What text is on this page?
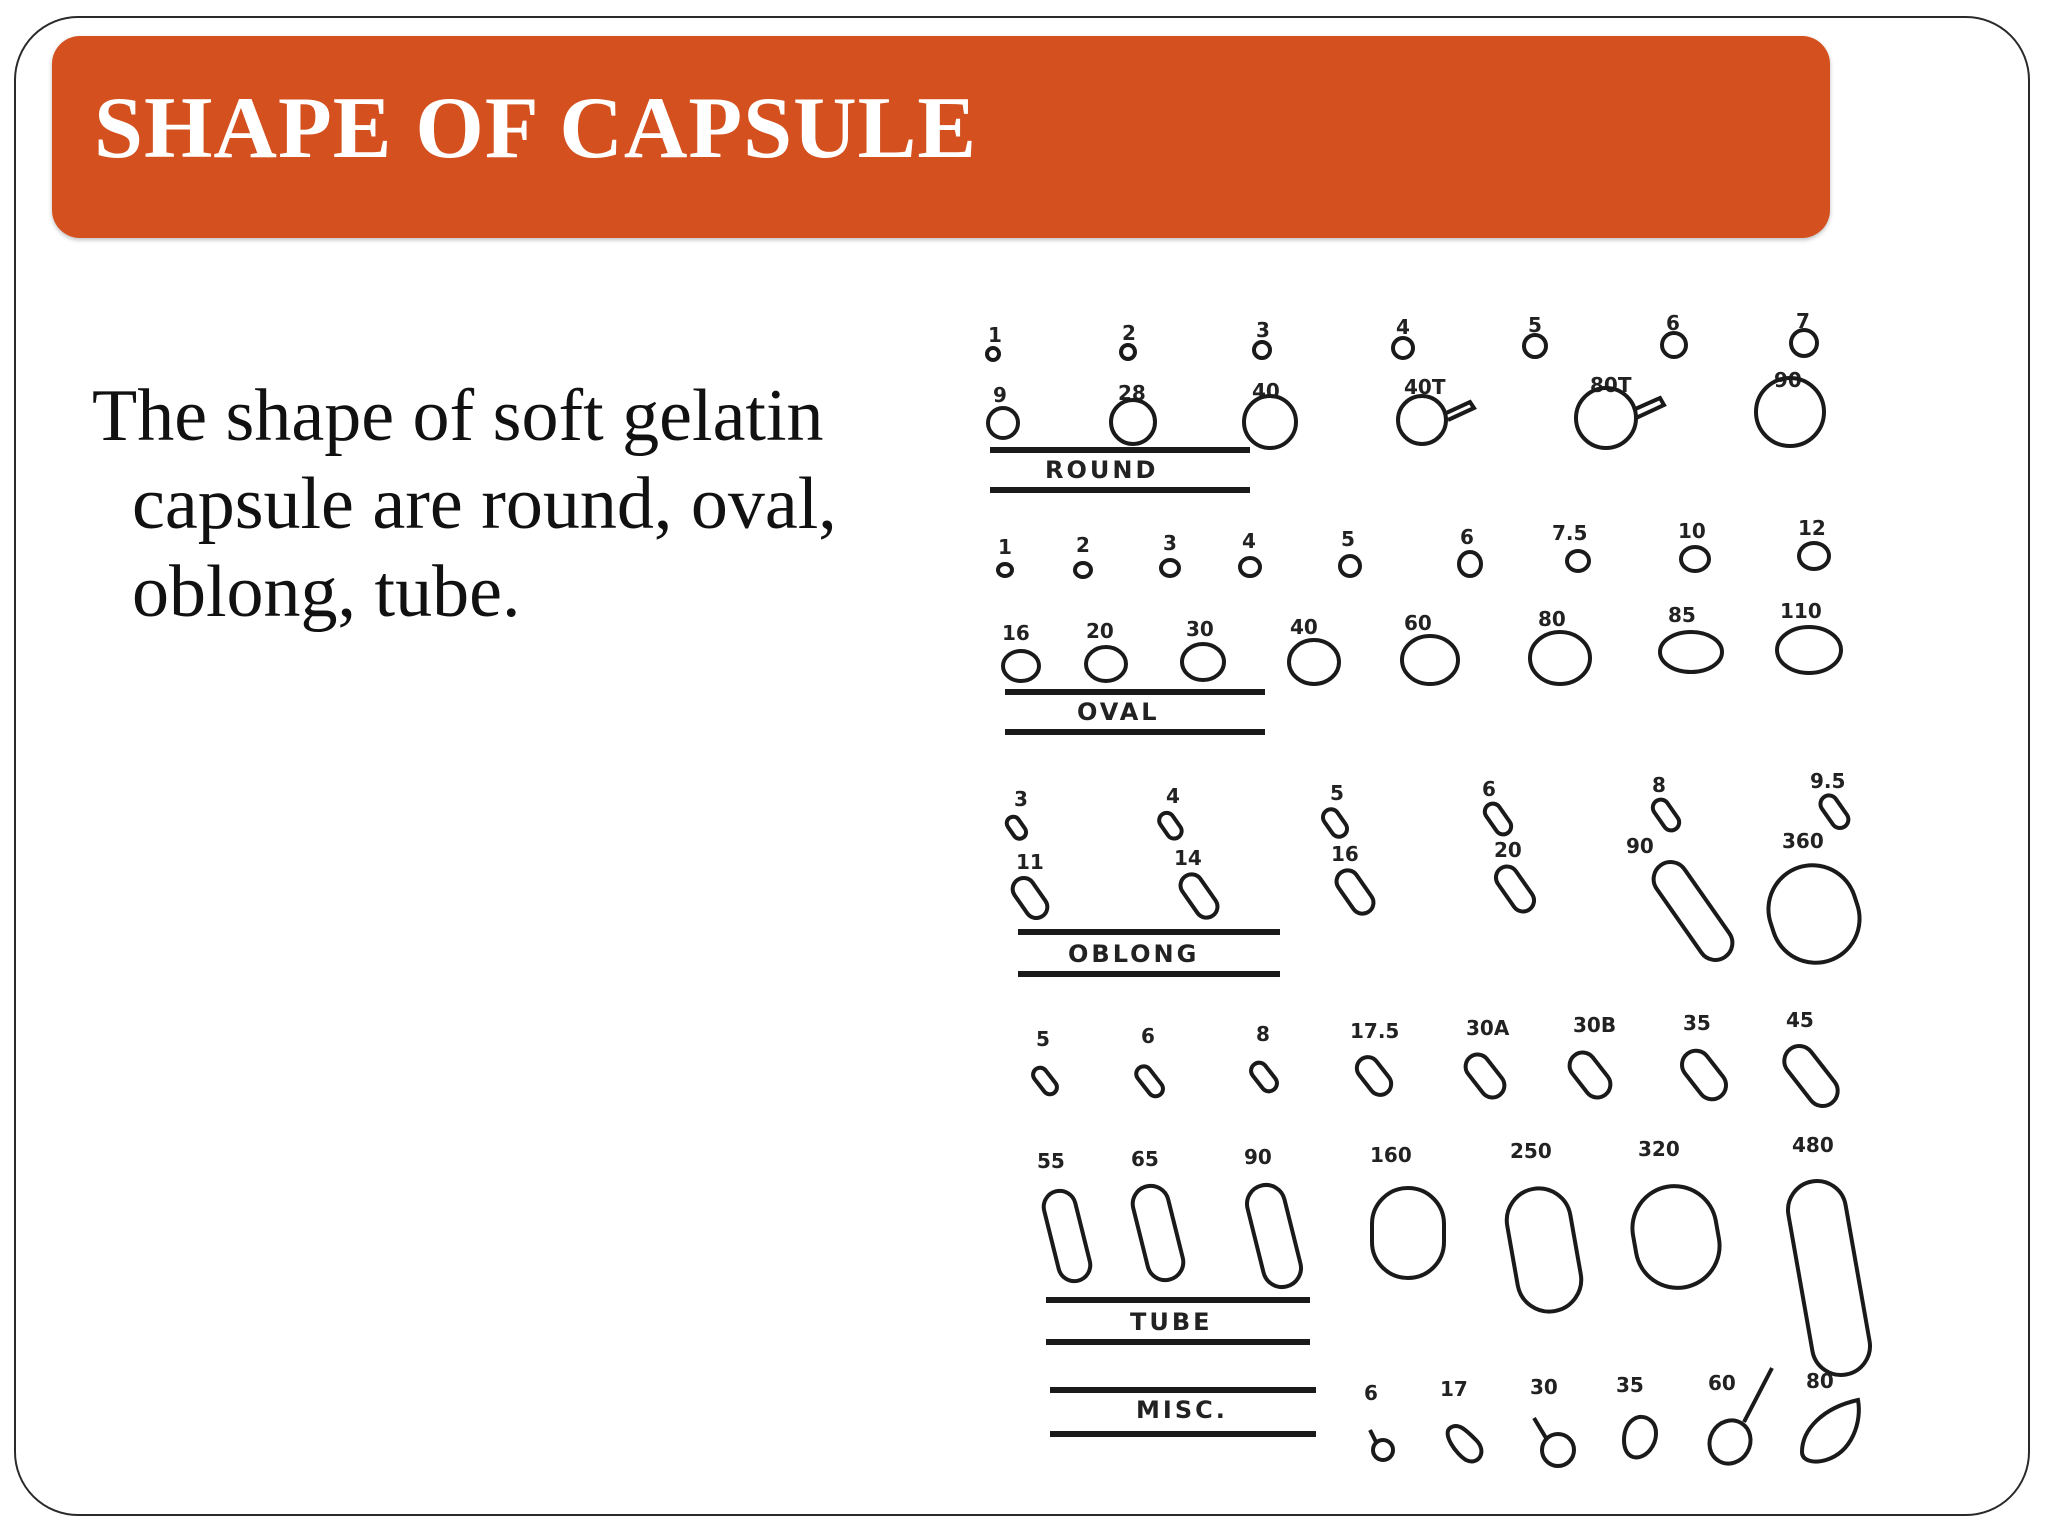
SHAPE OF CAPSULE

The shape of soft gelatin capsule are round, oval, oblong, tube.

1	2	3	4	5	6	7
9	28	40	40T	80T	90
ROUND
1	2	3	4	5	6	7.5	10	12
16	20	30	40	60	80	85	110
OVAL
3	4	5	6	8	9.5
11	14	16	20	90	360
OBLONG
5	6	8	17.5	30A	30B	35	45
55	65	90	160	250	320	480
TUBE
MISC.
6	17	30	35	60	80
